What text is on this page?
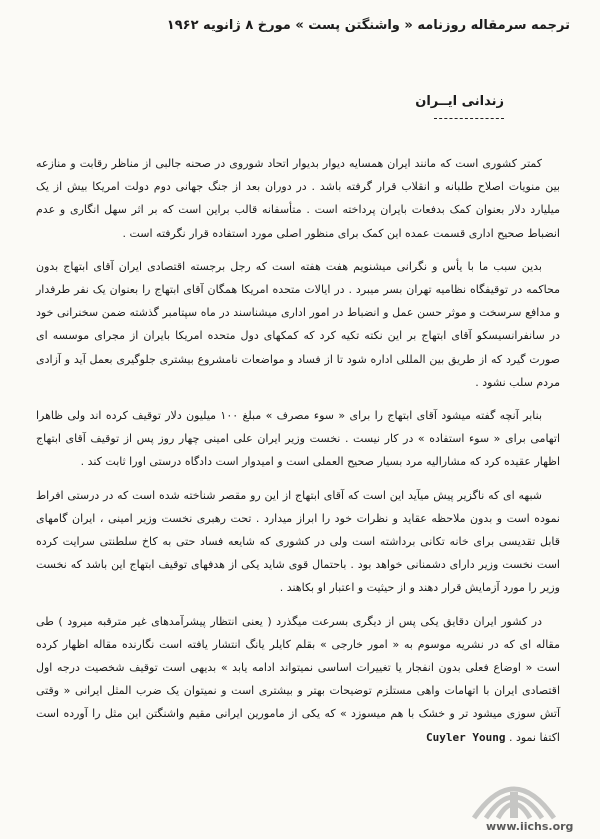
ترجمه سرمقاله روزنامه « واشنگتن پست » مورخ ۸ ژانویه ۱۹۶۲
زندانی ایــران

کمتر کشوری است که مانند ایران همسایه دیوار بدیوار اتحاد شوروی در صحنه جالبی از مناظر رقابت و منازعه بین منویات اصلاح طلبانه و انقلاب قرار گرفته باشد . در دوران بعد از جنگ جهانی دوم دولت امریکا بیش از یک میلیارد دلار بعنوان کمک بدفعات بایران پرداخته است . متأسفانه قالب براین است که بر اثر سهل انگاری و عدم انضباط صحیح اداری قسمت عمده این کمک برای منظور اصلی مورد استفاده قرار نگرفته است .

بدین سبب ما با یأس و نگرانی میشنویم هفت هفته است که رجل برجسته اقتصادی ایران آقای ابتهاج بدون محاکمه در توقیفگاه نظامیه تهران بسر میبرد . در ایالات متحده امریکا همگان آقای ابتهاج را بعنوان یک نفر طرفدار و مدافع سرسخت و موثر حسن عمل و انضباط در امور اداری میشناسند در ماه سپتامبر گذشته ضمن سخنرانی خود در سانفرانسیسکو آقای ابتهاج بر این نکته تکیه کرد که کمکهای دول متحده امریکا بایران از مجرای موسسه ای صورت گیرد که از طریق بین المللی اداره شود تا از فساد و مواضعات نامشروع بیشتری جلوگیری بعمل آید و آزادی مردم سلب نشود .

بنابر آنچه گفته میشود آقای ابتهاج را برای « سوء مصرف » مبلغ ۱۰۰ میلیون دلار توقیف کرده اند ولی ظاهرا اتهامی برای « سوء استفاده » در کار نیست . نخست وزیر ایران علی امینی چهار روز پس از توقیف آقای ابتهاج اظهار عقیده کرد که مشارالیه مرد بسیار صحیح العملی است و امیدوار است دادگاه درستی اورا ثابت کند .

شبهه ای که ناگزیر پیش میآید این است که آقای ابتهاج از این رو مقصر شناخته شده است که در درستی افراط نموده است و بدون ملاحظه عقاید و نظرات خود را ابراز میدارد . تحت رهبری نخست وزیر امینی ، ایران گامهای قابل تقدیسی برای خانه تکانی برداشته است ولی در کشوری که شایعه فساد حتی به کاخ سلطنتی سرایت کرده است نخست وزیر دارای دشمنانی خواهد بود . باحتمال قوی شاید یکی از هدفهای توقیف ابتهاج این باشد که نخست وزیر را مورد آزمایش قرار دهند و از حیثیت و اعتبار او بکاهند .

در کشور ایران دقایق یکی پس از دیگری بسرعت میگذرد ( یعنی انتظار پیشرآمدهای غیر مترقبه میرود ) طی مقاله ای که در نشریه موسوم به « امور خارجی » بقلم کایلر یانگ انتشار یافته است نگارنده مقاله اظهار کرده است « اوضاع فعلی بدون انفجار یا تغییرات اساسی نمیتواند ادامه یابد » بدیهی است توقیف شخصیت درجه اول اقتصادی ایران با اتهامات واهی مستلزم توضیحات بهتر و بیشتری است و نمیتوان یک ضرب المثل ایرانی « وقتی آتش سوزی میشود تر و خشک با هم میسوزد » که یکی از مامورین ایرانی مقیم واشنگتن این مثل را آورده است اکتفا نمود . Cuyler Young

www.iichs.org
